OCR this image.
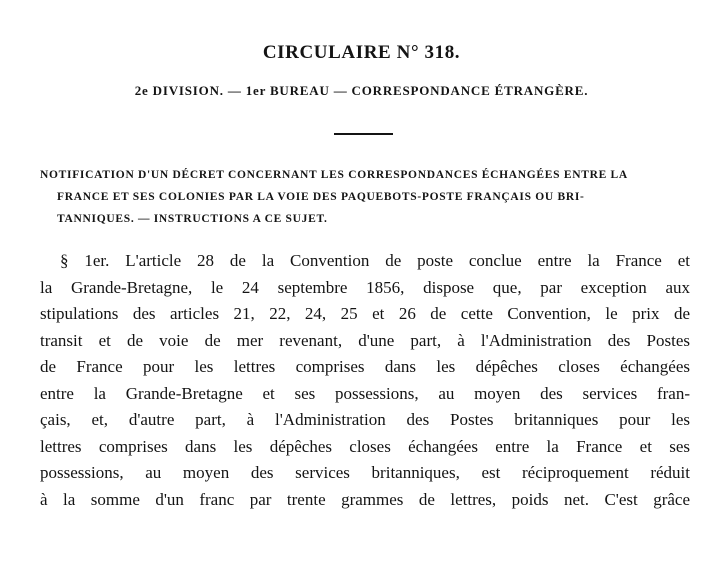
CIRCULAIRE N° 318.
2e DIVISION. — 1er BUREAU — CORRESPONDANCE ÉTRANGÈRE.
NOTIFICATION D'UN DÉCRET CONCERNANT LES CORRESPONDANCES ÉCHANGÉES ENTRE LA
FRANCE ET SES COLONIES PAR LA VOIE DES PAQUEBOTS-POSTE FRANÇAIS OU BRI-
TANNIQUES. — INSTRUCTIONS A CE SUJET.
§ 1er. L'article 28 de la Convention de poste conclue entre la France et
la Grande-Bretagne, le 24 septembre 1856, dispose que, par exception aux
stipulations des articles 21, 22, 24, 25 et 26 de cette Convention, le prix de
transit et de voie de mer revenant, d'une part, à l'Administration des Postes
de France pour les lettres comprises dans les dépêches closes échangées
entre la Grande-Bretagne et ses possessions, au moyen des services fran-
çais, et, d'autre part, à l'Administration des Postes britanniques pour les
lettres comprises dans les dépêches closes échangées entre la France et ses
possessions, au moyen des services britanniques, est réciproquement réduit
à la somme d'un franc par trente grammes de lettres, poids net. C'est grâce
